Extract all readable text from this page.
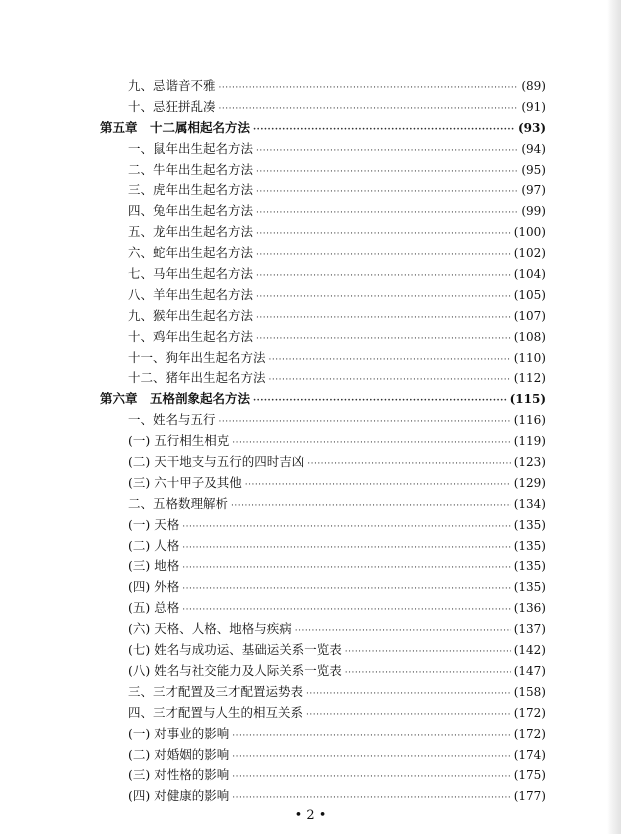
九、忌谐音不雅 ·····	(89)
十、忌狂拼乱凑 ·····	(91)
第五章　十二属相起名方法 ·····	(93)
一、鼠年出生起名方法 ·····	(94)
二、牛年出生起名方法 ·····	(95)
三、虎年出生起名方法 ·····	(97)
四、兔年出生起名方法 ·····	(99)
五、龙年出生起名方法 ·····	(100)
六、蛇年出生起名方法 ·····	(102)
七、马年出生起名方法 ·····	(104)
八、羊年出生起名方法 ·····	(105)
九、猴年出生起名方法 ·····	(107)
十、鸡年出生起名方法 ·····	(108)
十一、狗年出生起名方法 ·····	(110)
十二、猪年出生起名方法 ·····	(112)
第六章　五格剖象起名方法 ·····	(115)
一、姓名与五行 ·····	(116)
(一) 五行相生相克 ·····	(119)
(二) 天干地支与五行的四时吉凶 ·····	(123)
(三) 六十甲子及其他 ·····	(129)
二、五格数理解析 ·····	(134)
(一) 天格 ·····	(135)
(二) 人格 ·····	(135)
(三) 地格 ·····	(135)
(四) 外格 ·····	(135)
(五) 总格 ·····	(136)
(六) 天格、人格、地格与疾病 ·····	(137)
(七) 姓名与成功运、基础运关系一览表 ·····	(142)
(八) 姓名与社交能力及人际关系一览表 ·····	(147)
三、三才配置及三才配置运势表 ·····	(158)
四、三才配置与人生的相互关系 ·····	(172)
(一) 对事业的影响 ·····	(172)
(二) 对婚姻的影响 ·····	(174)
(三) 对性格的影响 ·····	(175)
(四) 对健康的影响 ·····	(177)
• 2 •
